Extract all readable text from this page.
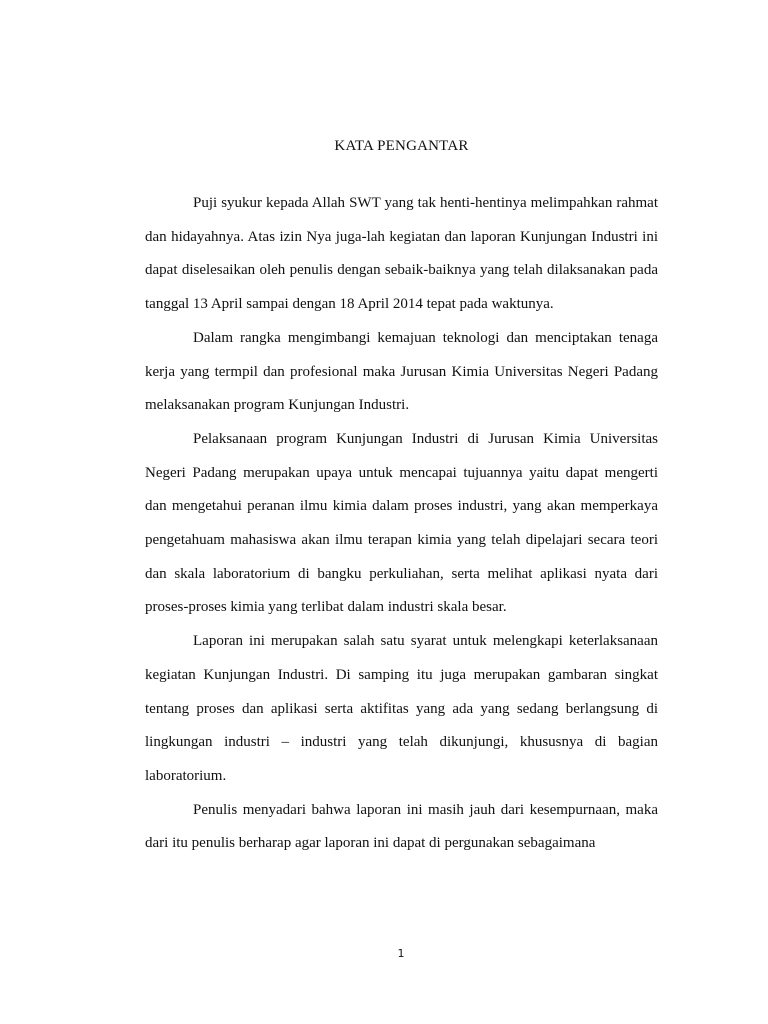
KATA PENGANTAR

Puji syukur kepada Allah SWT yang tak henti-hentinya melimpahkan rahmat dan hidayahnya. Atas izin Nya juga-lah kegiatan dan laporan Kunjungan Industri ini dapat diselesaikan oleh penulis dengan sebaik-baiknya yang telah dilaksanakan pada tanggal 13 April sampai dengan 18 April 2014 tepat pada waktunya.

Dalam rangka mengimbangi kemajuan teknologi dan menciptakan tenaga kerja yang termpil dan profesional maka Jurusan Kimia Universitas Negeri Padang melaksanakan program Kunjungan Industri.

Pelaksanaan program Kunjungan Industri di Jurusan Kimia Universitas Negeri Padang merupakan upaya untuk mencapai tujuannya yaitu dapat mengerti dan mengetahui peranan ilmu kimia dalam proses industri, yang akan memperkaya pengetahuam mahasiswa akan ilmu terapan kimia yang telah dipelajari secara teori dan skala laboratorium di bangku perkuliahan, serta melihat aplikasi nyata dari proses-proses kimia yang terlibat dalam industri skala besar.

Laporan ini merupakan salah satu syarat untuk melengkapi keterlaksanaan kegiatan Kunjungan Industri. Di samping itu juga merupakan gambaran singkat tentang proses dan aplikasi serta aktifitas yang ada yang sedang berlangsung di lingkungan industri – industri yang telah dikunjungi, khususnya di bagian laboratorium.

Penulis menyadari bahwa laporan ini masih jauh dari kesempurnaan, maka dari itu penulis berharap agar laporan ini dapat di pergunakan sebagaimana

1
